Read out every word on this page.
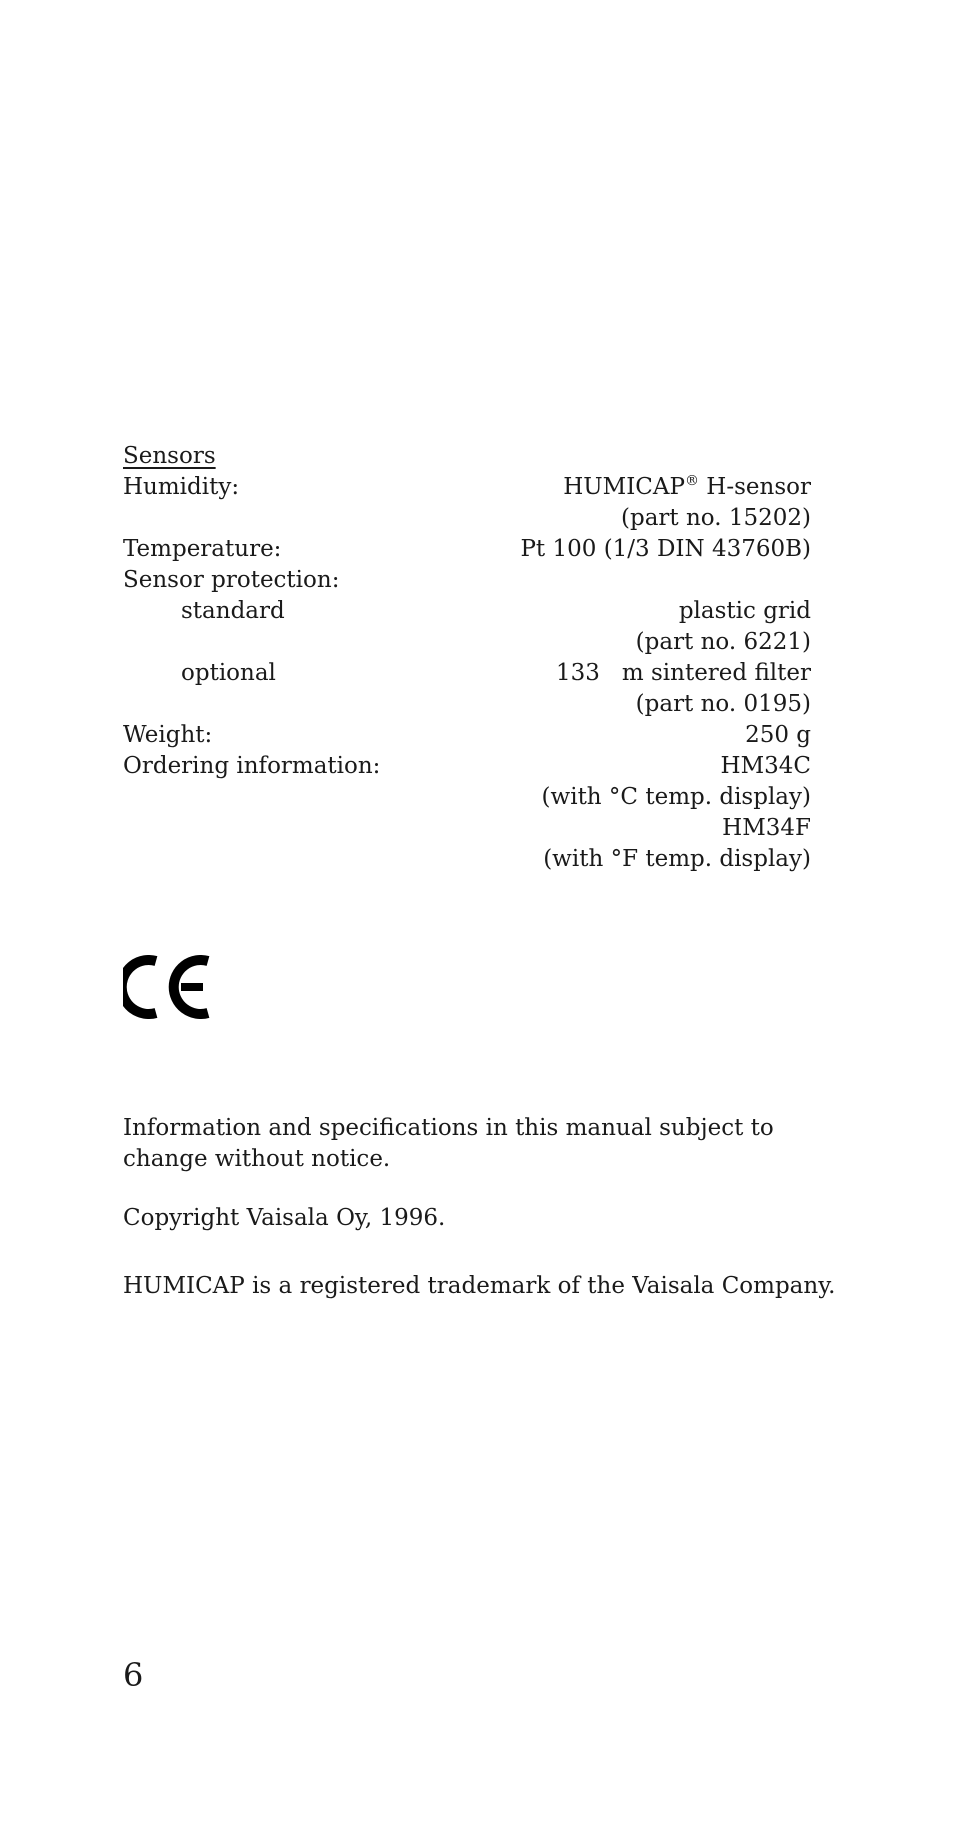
Sensors
Humidity:	HUMICAP® H-sensor
(part no. 15202)
Temperature:	Pt 100 (1/3 DIN 43760B)
Sensor protection:
standard	plastic grid
(part no. 6221)
optional	133   m sintered filter
(part no. 0195)
Weight:	250 g
Ordering information:	HM34C
(with °C temp. display)
HM34F
(with °F temp. display)

Information and specifications in this manual subject to change without notice.

Copyright Vaisala Oy, 1996.

HUMICAP is a registered trademark of the Vaisala Company.

6
